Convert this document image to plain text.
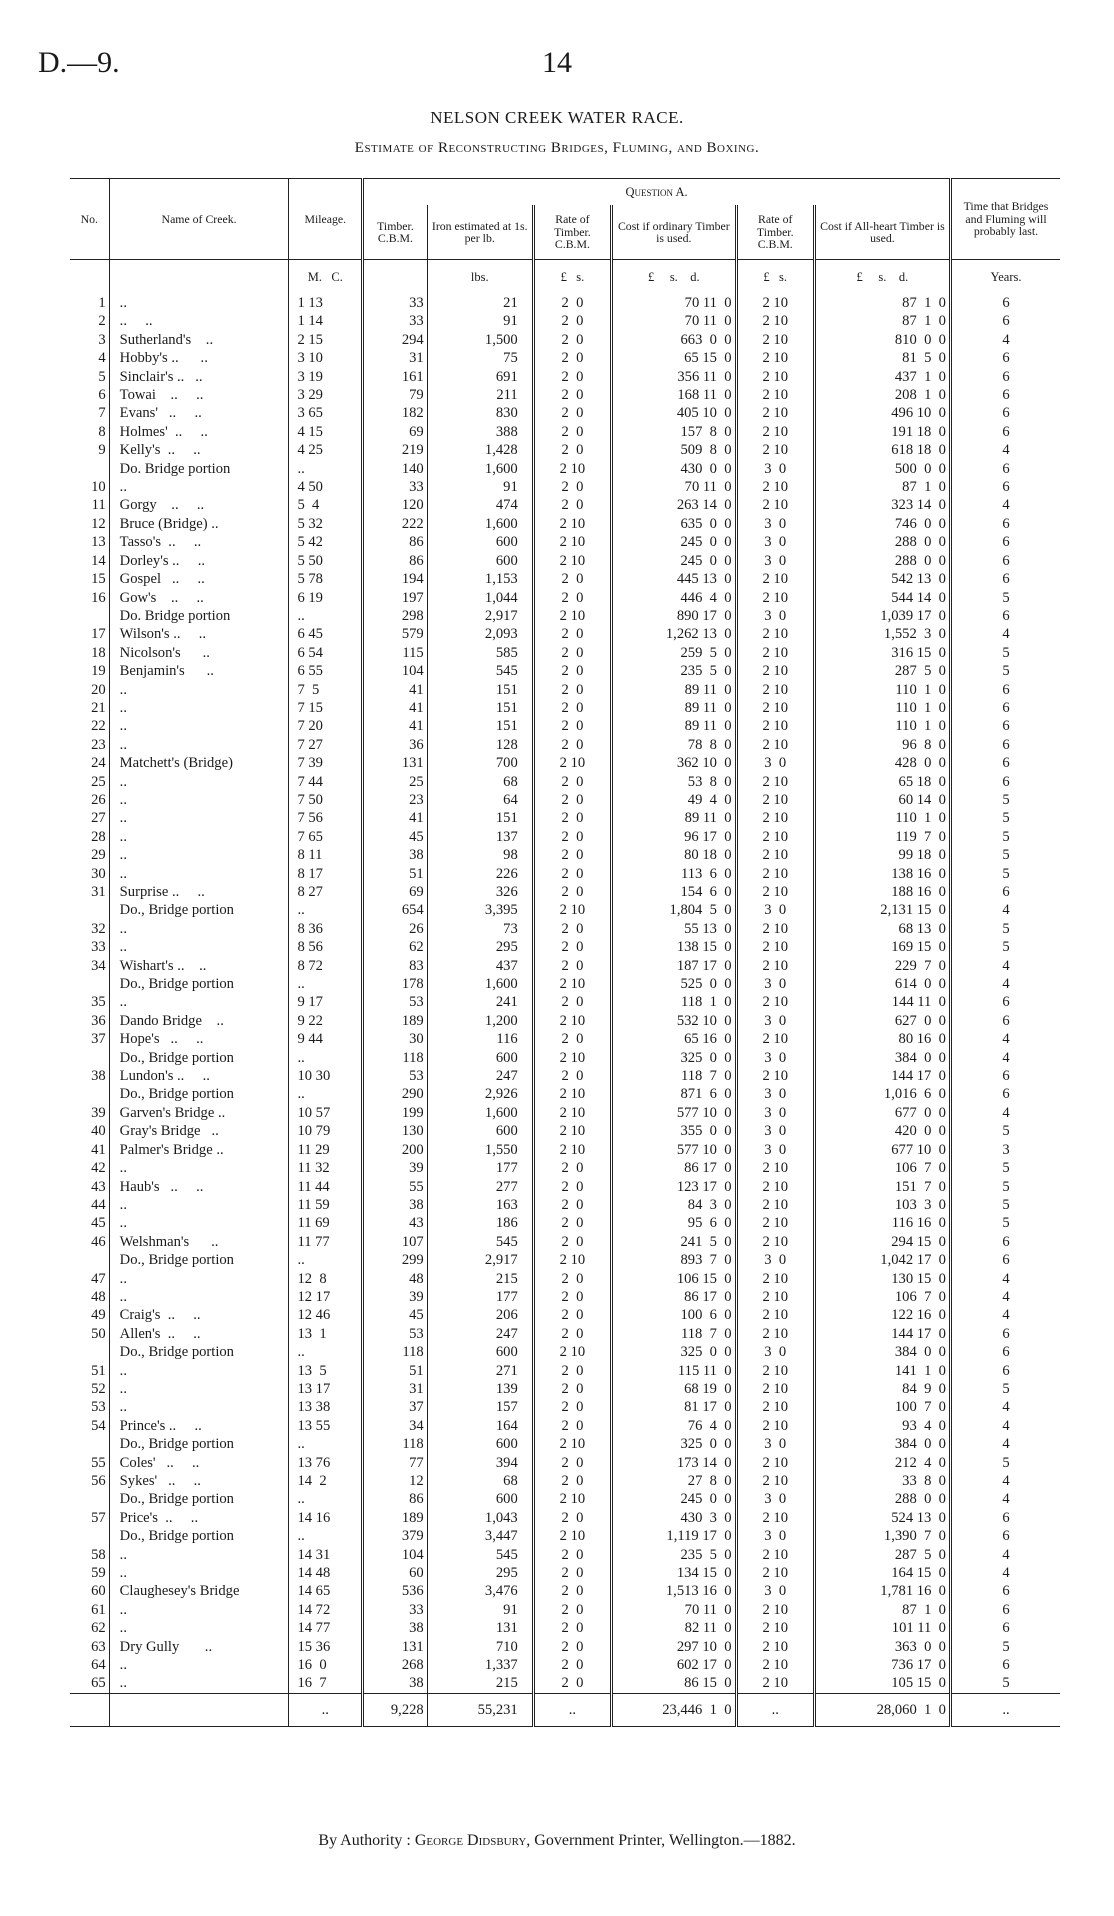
D.—9.	14
NELSON CREEK WATER RACE.
Estimate of Reconstructing Bridges, Fluming, and Boxing.
No.	Name of Creek.	Mileage.	Question A.						Time that Bridges and Fluming will probably last.
			Timber. C.B.M.	Iron estimated at 1s. per lb.	Rate of Timber. C.B.M.	Cost if ordinary Timber is used.	Rate of Timber. C.B.M.	Cost if All-heart Timber is used.	
		M.   C.		lbs.	£   s.	£     s.    d.	£   s.	£     s.    d.	Years.
1	..	1 13	33	21	2  0	70 11  0	2 10	87  1  0	6
2	..     ..	1 14	33	91	2  0	70 11  0	2 10	87  1  0	6
3	Sutherland's    ..	2 15	294	1,500	2  0	663  0  0	2 10	810  0  0	4
4	Hobby's ..      ..	3 10	31	75	2  0	65 15  0	2 10	81  5  0	6
5	Sinclair's ..   ..	3 19	161	691	2  0	356 11  0	2 10	437  1  0	6
6	Towai    ..     ..	3 29	79	211	2  0	168 11  0	2 10	208  1  0	6
7	Evans'   ..     ..	3 65	182	830	2  0	405 10  0	2 10	496 10  0	6
8	Holmes'  ..     ..	4 15	69	388	2  0	157  8  0	2 10	191 18  0	6
9	Kelly's  ..     ..	4 25	219	1,428	2  0	509  8  0	2 10	618 18  0	4
	Do. Bridge portion	..	140	1,600	2 10	430  0  0	3  0	500  0  0	6
10	..	4 50	33	91	2  0	70 11  0	2 10	87  1  0	6
11	Gorgy    ..     ..	5  4	120	474	2  0	263 14  0	2 10	323 14  0	4
12	Bruce (Bridge) ..	5 32	222	1,600	2 10	635  0  0	3  0	746  0  0	6
13	Tasso's  ..     ..	5 42	86	600	2 10	245  0  0	3  0	288  0  0	6
14	Dorley's ..     ..	5 50	86	600	2 10	245  0  0	3  0	288  0  0	6
15	Gospel   ..     ..	5 78	194	1,153	2  0	445 13  0	2 10	542 13  0	6
16	Gow's    ..     ..	6 19	197	1,044	2  0	446  4  0	2 10	544 14  0	5
	Do. Bridge portion	..	298	2,917	2 10	890 17  0	3  0	1,039 17  0	6
17	Wilson's ..     ..	6 45	579	2,093	2  0	1,262 13  0	2 10	1,552  3  0	4
18	Nicolson's      ..	6 54	115	585	2  0	259  5  0	2 10	316 15  0	5
19	Benjamin's      ..	6 55	104	545	2  0	235  5  0	2 10	287  5  0	5
20	..	7  5	41	151	2  0	89 11  0	2 10	110  1  0	6
21	..	7 15	41	151	2  0	89 11  0	2 10	110  1  0	6
22	..	7 20	41	151	2  0	89 11  0	2 10	110  1  0	6
23	..	7 27	36	128	2  0	78  8  0	2 10	96  8  0	6
24	Matchett's (Bridge)	7 39	131	700	2 10	362 10  0	3  0	428  0  0	6
25	..	7 44	25	68	2  0	53  8  0	2 10	65 18  0	6
26	..	7 50	23	64	2  0	49  4  0	2 10	60 14  0	5
27	..	7 56	41	151	2  0	89 11  0	2 10	110  1  0	5
28	..	7 65	45	137	2  0	96 17  0	2 10	119  7  0	5
29	..	8 11	38	98	2  0	80 18  0	2 10	99 18  0	5
30	..	8 17	51	226	2  0	113  6  0	2 10	138 16  0	5
31	Surprise ..     ..	8 27	69	326	2  0	154  6  0	2 10	188 16  0	6
	Do., Bridge portion	..	654	3,395	2 10	1,804  5  0	3  0	2,131 15  0	4
32	..	8 36	26	73	2  0	55 13  0	2 10	68 13  0	5
33	..	8 56	62	295	2  0	138 15  0	2 10	169 15  0	5
34	Wishart's ..    ..	8 72	83	437	2  0	187 17  0	2 10	229  7  0	4
	Do., Bridge portion	..	178	1,600	2 10	525  0  0	3  0	614  0  0	4
35	..	9 17	53	241	2  0	118  1  0	2 10	144 11  0	6
36	Dando Bridge    ..	9 22	189	1,200	2 10	532 10  0	3  0	627  0  0	6
37	Hope's   ..     ..	9 44	30	116	2  0	65 16  0	2 10	80 16  0	4
	Do., Bridge portion	..	118	600	2 10	325  0  0	3  0	384  0  0	4
38	Lundon's ..     ..	10 30	53	247	2  0	118  7  0	2 10	144 17  0	6
	Do., Bridge portion	..	290	2,926	2 10	871  6  0	3  0	1,016  6  0	6
39	Garven's Bridge ..	10 57	199	1,600	2 10	577 10  0	3  0	677  0  0	4
40	Gray's Bridge   ..	10 79	130	600	2 10	355  0  0	3  0	420  0  0	5
41	Palmer's Bridge ..	11 29	200	1,550	2 10	577 10  0	3  0	677 10  0	3
42	..	11 32	39	177	2  0	86 17  0	2 10	106  7  0	5
43	Haub's   ..     ..	11 44	55	277	2  0	123 17  0	2 10	151  7  0	5
44	..	11 59	38	163	2  0	84  3  0	2 10	103  3  0	5
45	..	11 69	43	186	2  0	95  6  0	2 10	116 16  0	5
46	Welshman's      ..	11 77	107	545	2  0	241  5  0	2 10	294 15  0	6
	Do., Bridge portion	..	299	2,917	2 10	893  7  0	3  0	1,042 17  0	6
47	..	12  8	48	215	2  0	106 15  0	2 10	130 15  0	4
48	..	12 17	39	177	2  0	86 17  0	2 10	106  7  0	4
49	Craig's  ..     ..	12 46	45	206	2  0	100  6  0	2 10	122 16  0	4
50	Allen's  ..     ..	13  1	53	247	2  0	118  7  0	2 10	144 17  0	6
	Do., Bridge portion	..	118	600	2 10	325  0  0	3  0	384  0  0	6
51	..	13  5	51	271	2  0	115 11  0	2 10	141  1  0	6
52	..	13 17	31	139	2  0	68 19  0	2 10	84  9  0	5
53	..	13 38	37	157	2  0	81 17  0	2 10	100  7  0	4
54	Prince's ..     ..	13 55	34	164	2  0	76  4  0	2 10	93  4  0	4
	Do., Bridge portion	..	118	600	2 10	325  0  0	3  0	384  0  0	4
55	Coles'   ..     ..	13 76	77	394	2  0	173 14  0	2 10	212  4  0	5
56	Sykes'   ..     ..	14  2	12	68	2  0	27  8  0	2 10	33  8  0	4
	Do., Bridge portion	..	86	600	2 10	245  0  0	3  0	288  0  0	4
57	Price's  ..     ..	14 16	189	1,043	2  0	430  3  0	2 10	524 13  0	6
	Do., Bridge portion	..	379	3,447	2 10	1,119 17  0	3  0	1,390  7  0	6
58	..	14 31	104	545	2  0	235  5  0	2 10	287  5  0	4
59	..	14 48	60	295	2  0	134 15  0	2 10	164 15  0	4
60	Claughesey's Bridge	14 65	536	3,476	2  0	1,513 16  0	3  0	1,781 16  0	6
61	..	14 72	33	91	2  0	70 11  0	2 10	87  1  0	6
62	..	14 77	38	131	2  0	82 11  0	2 10	101 11  0	6
63	Dry Gully       ..	15 36	131	710	2  0	297 10  0	2 10	363  0  0	5
64	..	16  0	268	1,337	2  0	602 17  0	2 10	736 17  0	6
65	..	16  7	38	215	2  0	86 15  0	2 10	105 15  0	5
		..	9,228	55,231	..	23,446  1  0	..	28,060  1  0	..
By Authority : George Didsbury, Government Printer, Wellington.—1882.
